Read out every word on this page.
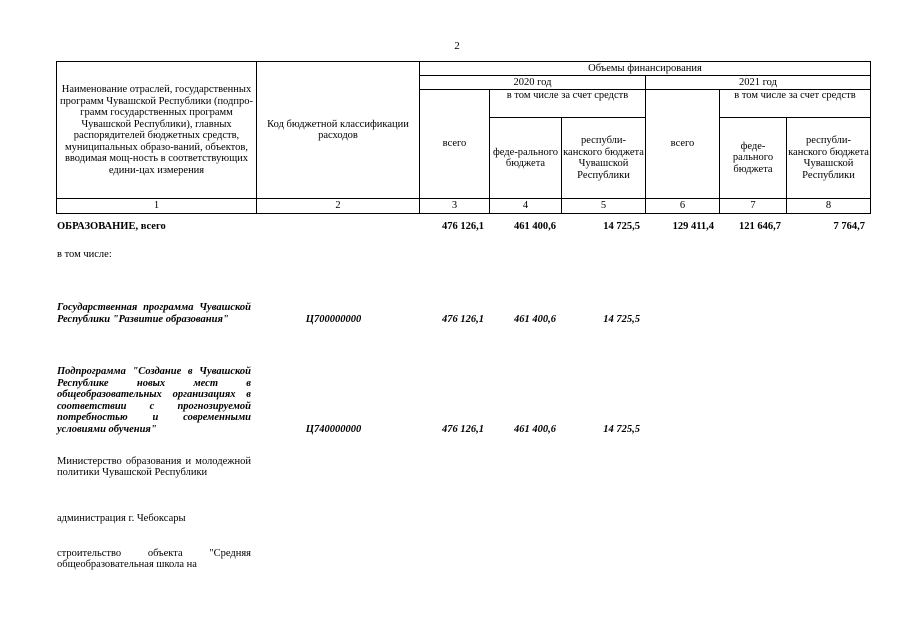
2
Наименование отраслей, государственных программ Чувашской Республики (подпро-грамм государственных программ Чувашской Республики), главных распорядителей бюджетных средств, муниципальных образо-ваний, объектов, вводимая мощ-ность в соответствующих едини-цах измерения	Код бюджетной классификации расходов	Объемы финансирования					
		2020 год			2021 год		
		всего	в том числе за счет средств		всего	в том числе за счет средств	
			феде-рального бюджета	республи-канского бюджета Чувашской Республики		феде-рального бюджета	республи-канского бюджета Чувашской Республики
1	2	3	4	5	6	7	8
ОБРАЗОВАНИЕ, всего		476 126,1	461 400,6	14 725,5	129 411,4	121 646,7	7 764,7
в том числе:							
Государственная программа Чувашской Республики "Развитие образования"	Ц700000000	476 126,1	461 400,6	14 725,5			
Подпрограмма "Создание в Чувашской Республике новых мест в общеобразовательных организациях в соответствии с прогнозируемой потребностью и современными условиями обучения"	Ц740000000	476 126,1	461 400,6	14 725,5			
Министерство образования и молодежной политики Чувашской Республики							
администрация г. Чебоксары							
строительство объекта "Средняя общеобразовательная школа на							
